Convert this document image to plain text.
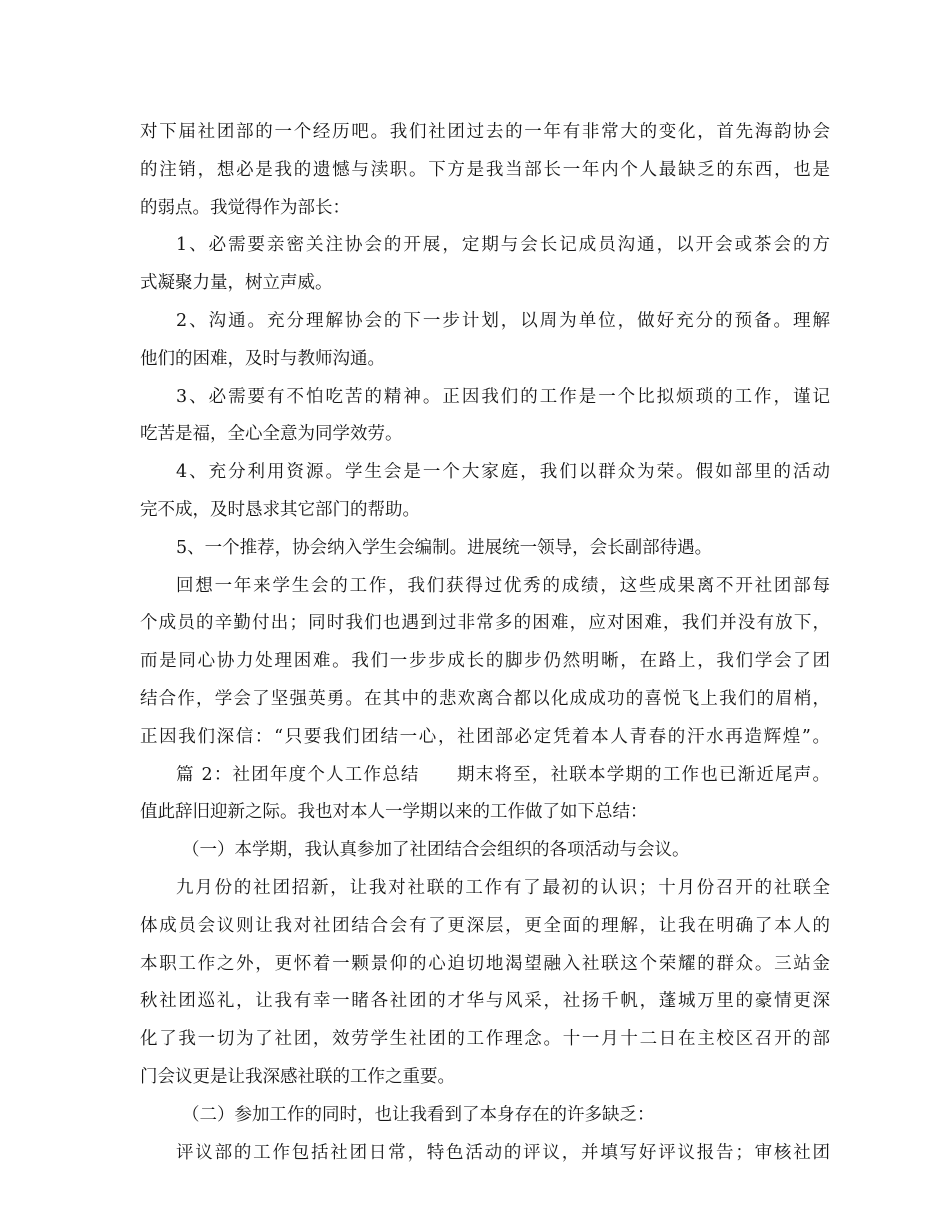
对下届社团部的一个经历吧。我们社团过去的一年有非常大的变化，首先海韵协会
的注销，想必是我的遗憾与渎职。下方是我当部长一年内个人最缺乏的东西，也是
的弱点。我觉得作为部长：
1、必需要亲密关注协会的开展，定期与会长记成员沟通，以开会或茶会的方
式凝聚力量，树立声威。
2、沟通。充分理解协会的下一步计划，以周为单位，做好充分的预备。理解
他们的困难，及时与教师沟通。
3、必需要有不怕吃苦的精神。正因我们的工作是一个比拟烦琐的工作，谨记
吃苦是福，全心全意为同学效劳。
4、充分利用资源。学生会是一个大家庭，我们以群众为荣。假如部里的活动
完不成，及时恳求其它部门的帮助。
5、一个推荐，协会纳入学生会编制。进展统一领导，会长副部待遇。
回想一年来学生会的工作，我们获得过优秀的成绩，这些成果离不开社团部每
个成员的辛勤付出；同时我们也遇到过非常多的困难，应对困难，我们并没有放下，
而是同心协力处理困难。我们一步步成长的脚步仍然明晰，在路上，我们学会了团
结合作，学会了坚强英勇。在其中的悲欢离合都以化成成功的喜悦飞上我们的眉梢，
正因我们深信：“只要我们团结一心，社团部必定凭着本人青春的汗水再造辉煌”。
篇 2：社团年度个人工作总结　　期末将至，社联本学期的工作也已渐近尾声。
值此辞旧迎新之际。我也对本人一学期以来的工作做了如下总结：
（一）本学期，我认真参加了社团结合会组织的各项活动与会议。
九月份的社团招新，让我对社联的工作有了最初的认识；十月份召开的社联全
体成员会议则让我对社团结合会有了更深层，更全面的理解，让我在明确了本人的
本职工作之外，更怀着一颗景仰的心迫切地渴望融入社联这个荣耀的群众。三站金
秋社团巡礼，让我有幸一睹各社团的才华与风采，社扬千帆，蓬城万里的豪情更深
化了我一切为了社团，效劳学生社团的工作理念。十一月十二日在主校区召开的部
门会议更是让我深感社联的工作之重要。
（二）参加工作的同时，也让我看到了本身存在的许多缺乏：
评议部的工作包括社团日常，特色活动的评议，并填写好评议报告；审核社团
